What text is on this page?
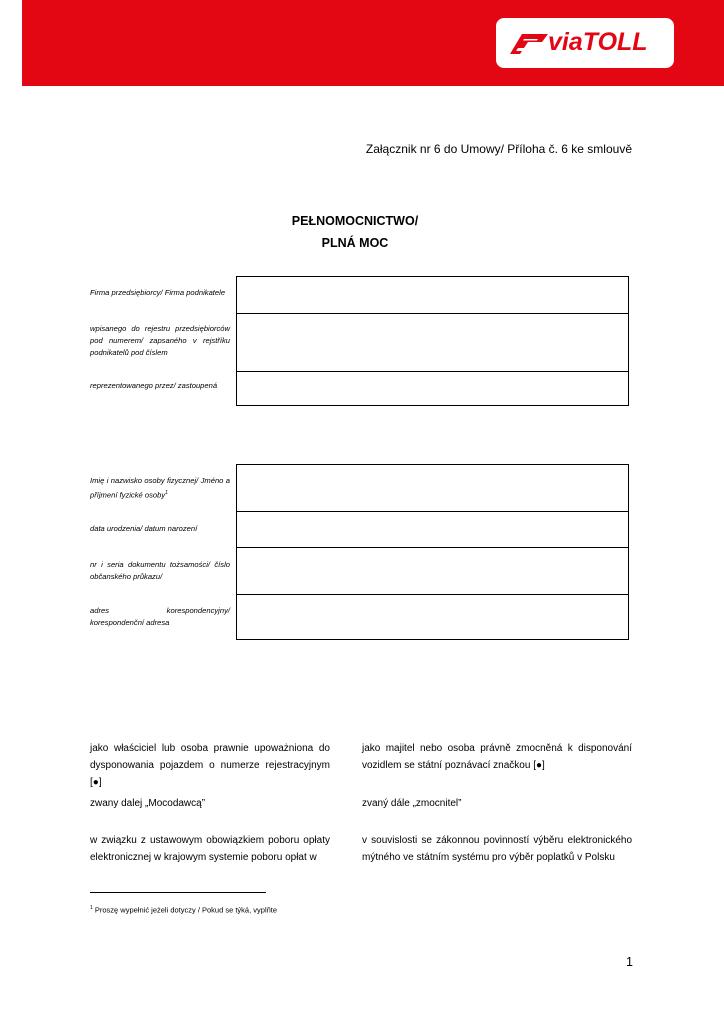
viaTOLL
Załącznik nr 6 do Umowy/ Příloha č. 6 ke smlouvě
PEŁNOMOCNICTWO/
PLNÁ MOC
Firma przedsiębiorcy/ Firma podnikatele
wpisanego do rejestru przedsiębiorców pod numerem/ zapsaného v rejstříku podnikatelů pod číslem
reprezentowanego przez/ zastoupená
Imię i nazwisko osoby fizycznej/ Jméno a příjmení fyzické osoby$^1$
data urodzenia/ datum narození
nr i seria dokumentu tożsamości/ číslo občanského průkazu/
adres korespondencyjny/ korespondenční adresa
jako właściciel lub osoba prawnie upoważniona do dysponowania pojazdem o numerze rejestracyjnym [●]
zwany dalej „Mocodawcą”
w związku z ustawowym obowiązkiem poboru opłaty elektronicznej w krajowym systemie poboru opłat w
jako majitel nebo osoba právně zmocněná k disponování vozidlem se státní poznávací značkou [●]
zvaný dále „zmocnitel”
v souvislosti se zákonnou povinností výběru elektronického mýtného ve státním systému pro výběr poplatků v Polsku
$^1$ Proszę wypełnić jeżeli dotyczy / Pokud se týká, vyplňte
1
